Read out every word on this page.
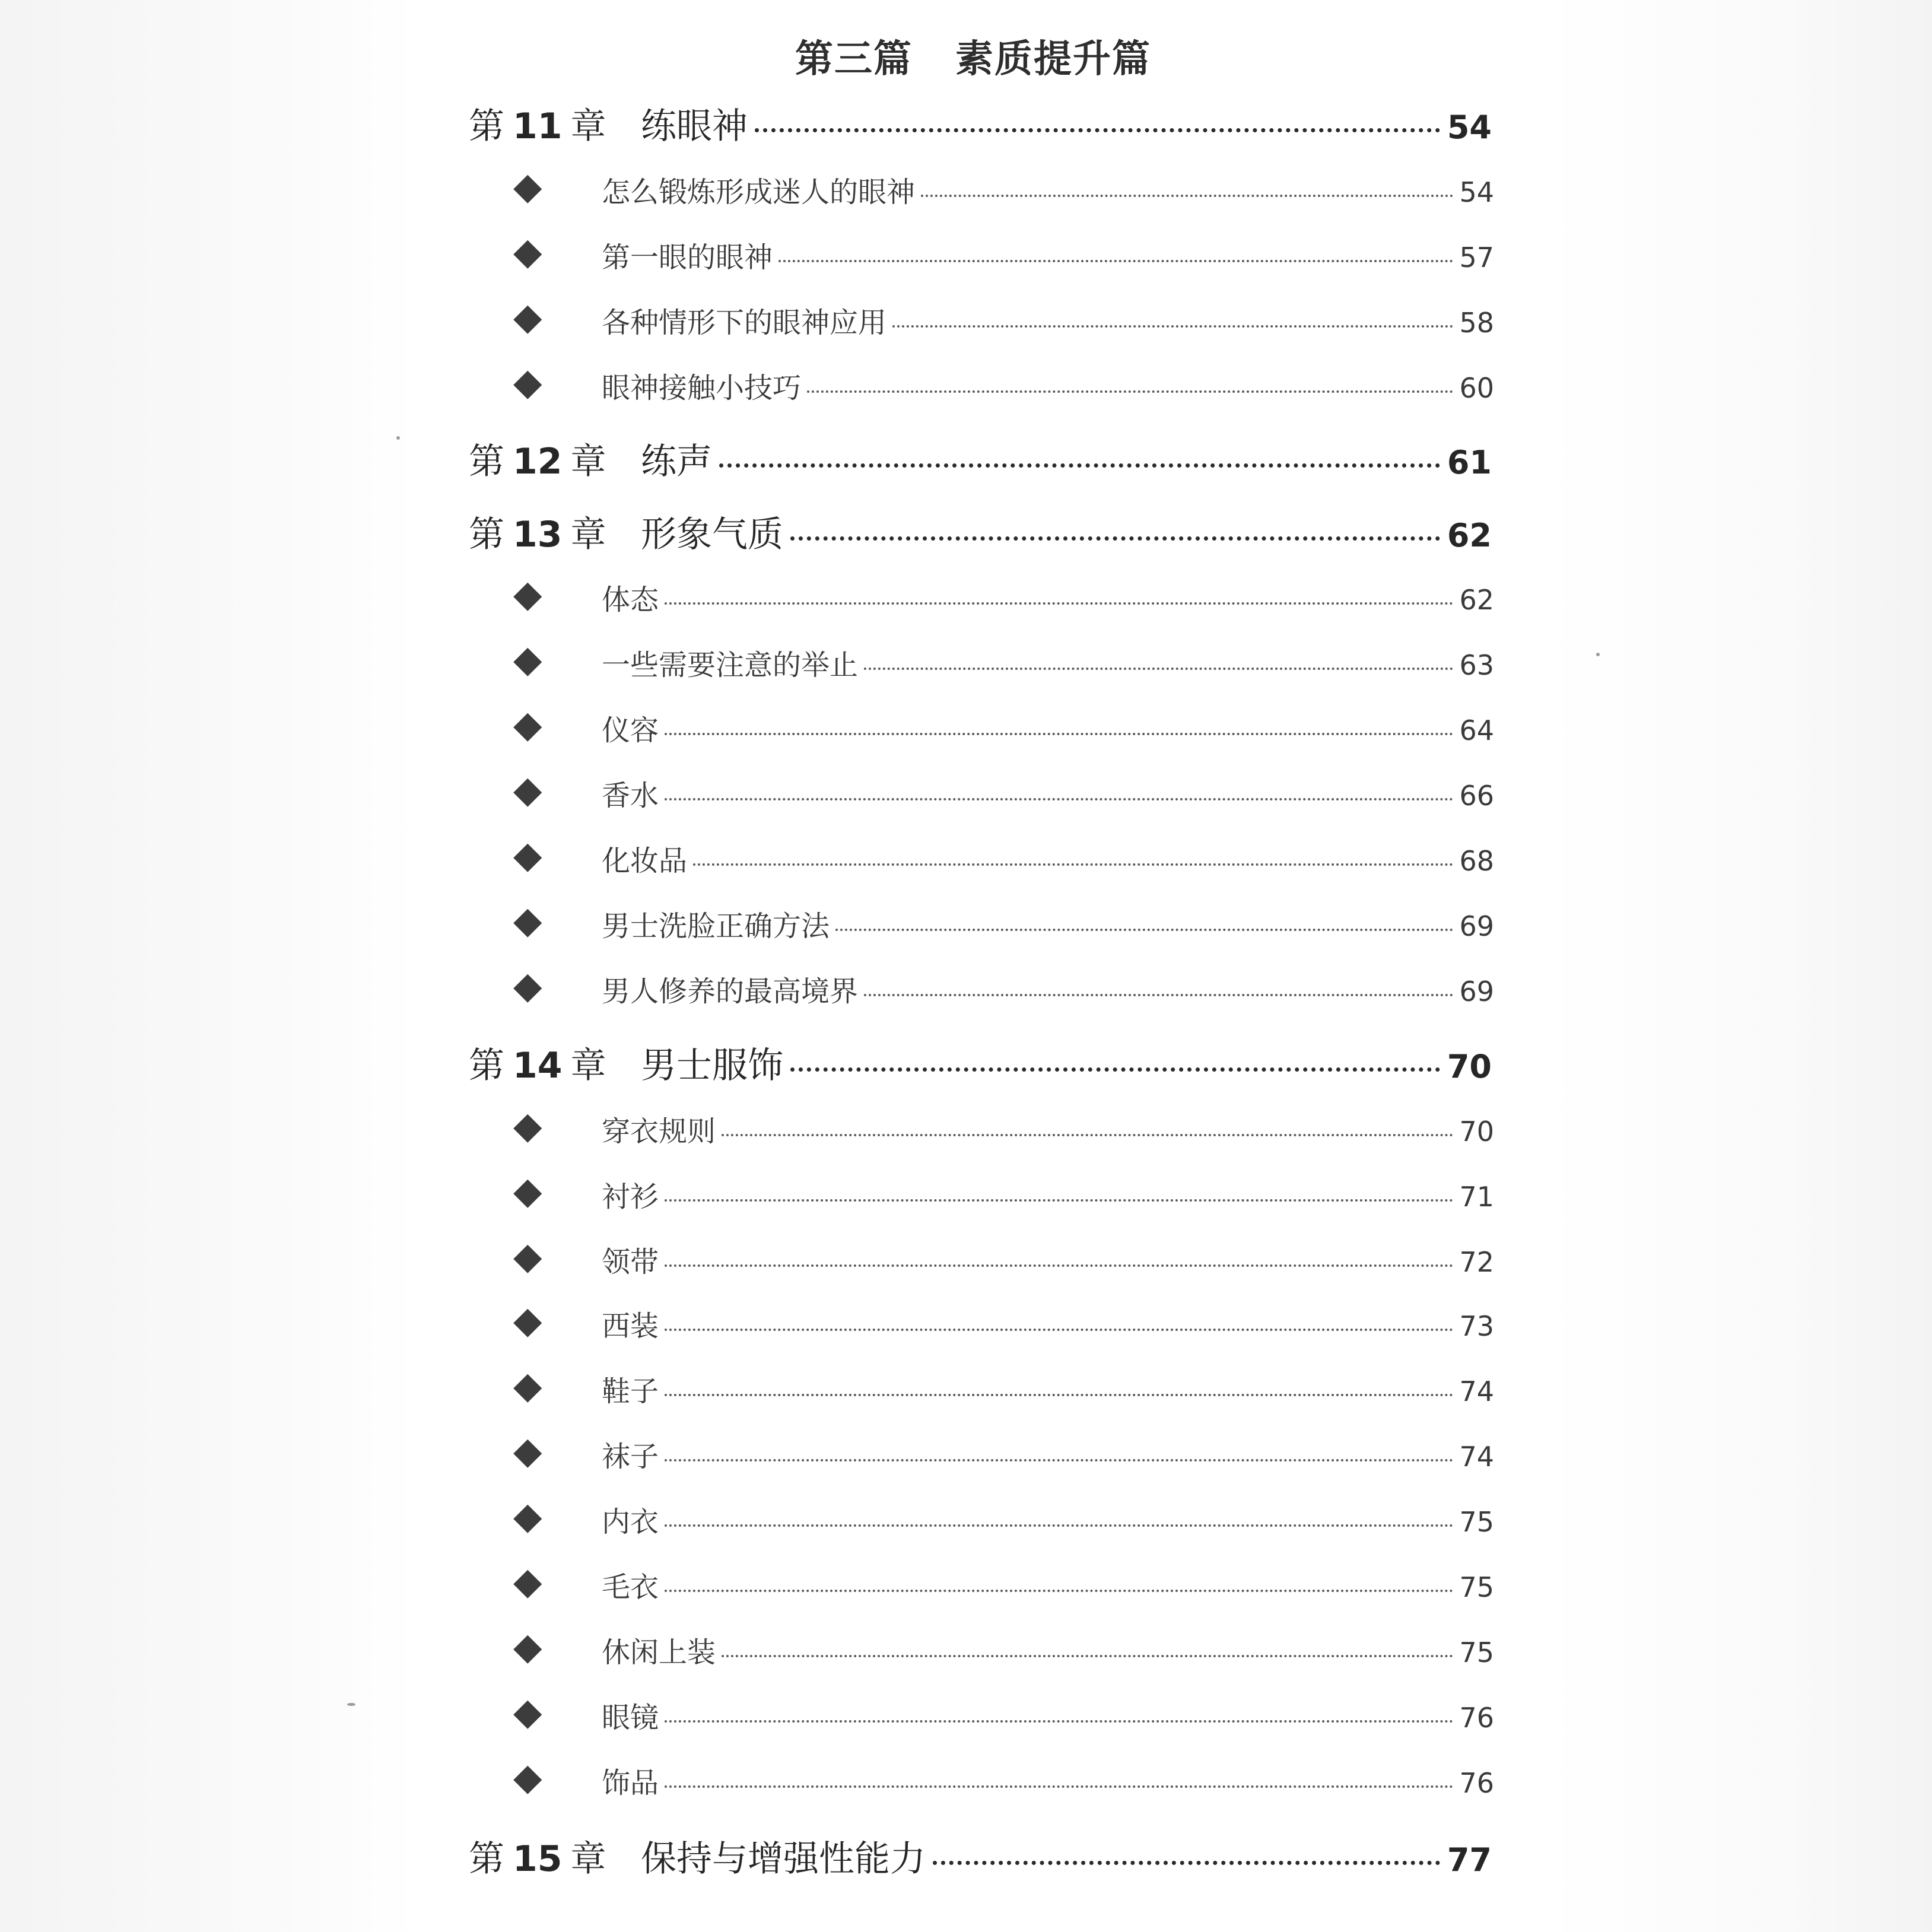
第三篇 素质提升篇
第 11 章 练眼神	54
怎么锻炼形成迷人的眼神	54
第一眼的眼神	57
各种情形下的眼神应用	58
眼神接触小技巧	60
第 12 章 练声	61
第 13 章 形象气质	62
体态	62
一些需要注意的举止	63
仪容	64
香水	66
化妆品	68
男士洗脸正确方法	69
男人修养的最高境界	69
第 14 章 男士服饰	70
穿衣规则	70
衬衫	71
领带	72
西装	73
鞋子	74
袜子	74
内衣	75
毛衣	75
休闲上装	75
眼镜	76
饰品	76
第 15 章 保持与增强性能力	77
